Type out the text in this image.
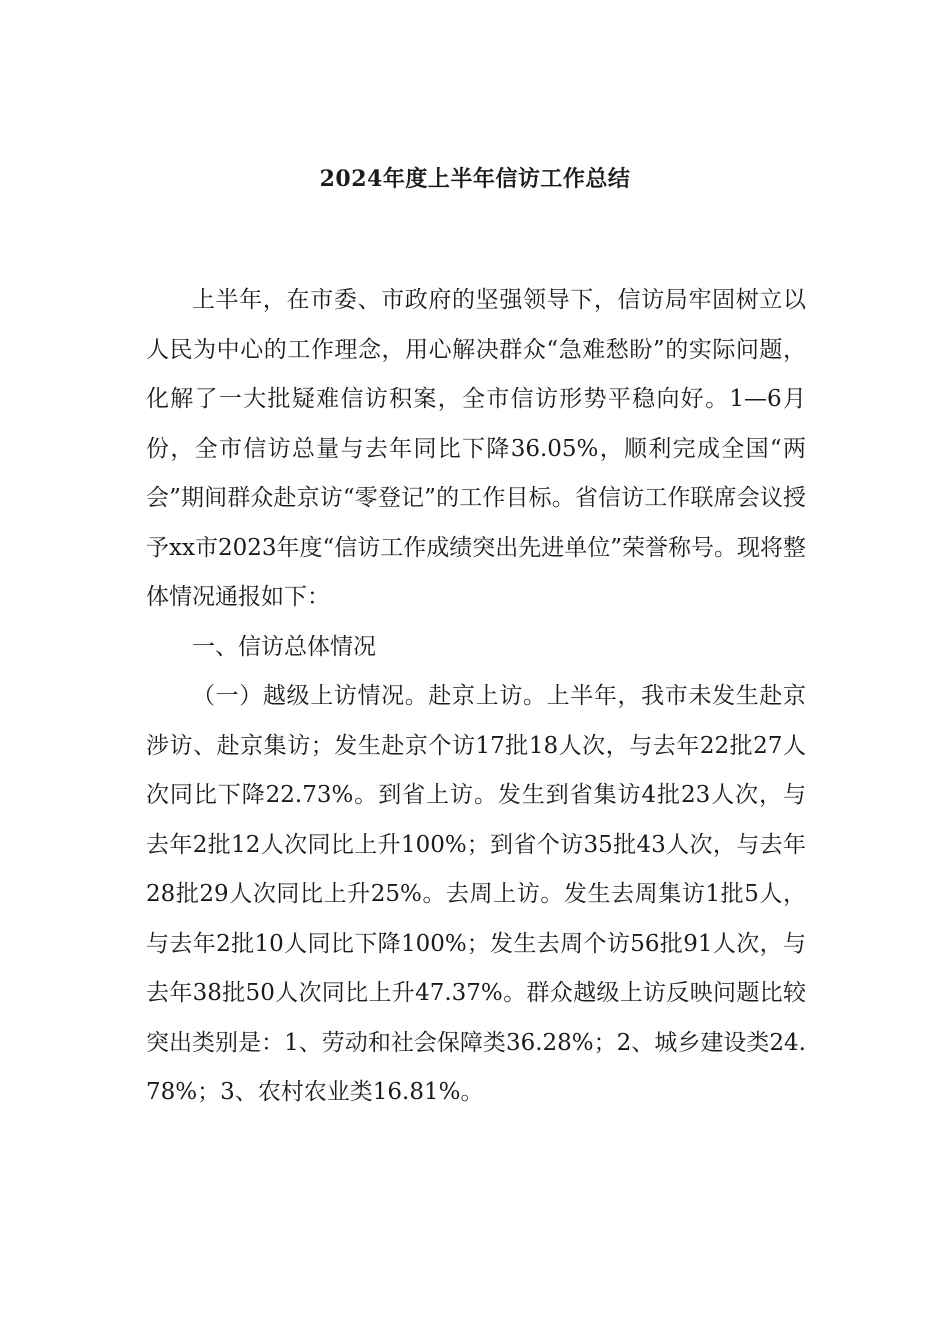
2024年度上半年信访工作总结

上半年，在市委、市政府的坚强领导下，信访局牢固树立以人民为中心的工作理念，用心解决群众“急难愁盼”的实际问题，化解了一大批疑难信访积案，全市信访形势平稳向好。1—6月份，全市信访总量与去年同比下降36.05%，顺利完成全国“两会”期间群众赴京访“零登记”的工作目标。省信访工作联席会议授予xx市2023年度“信访工作成绩突出先进单位”荣誉称号。现将整体情况通报如下：

一、信访总体情况

（一）越级上访情况。赴京上访。上半年，我市未发生赴京涉访、赴京集访；发生赴京个访17批18人次，与去年22批27人次同比下降22.73%。到省上访。发生到省集访4批23人次，与去年2批12人次同比上升100%；到省个访35批43人次，与去年28批29人次同比上升25%。去周上访。发生去周集访1批5人，与去年2批10人同比下降100%；发生去周个访56批91人次，与去年38批50人次同比上升47.37%。群众越级上访反映问题比较突出类别是：1、劳动和社会保障类36.28%；2、城乡建设类24.78%；3、农村农业类16.81%。
